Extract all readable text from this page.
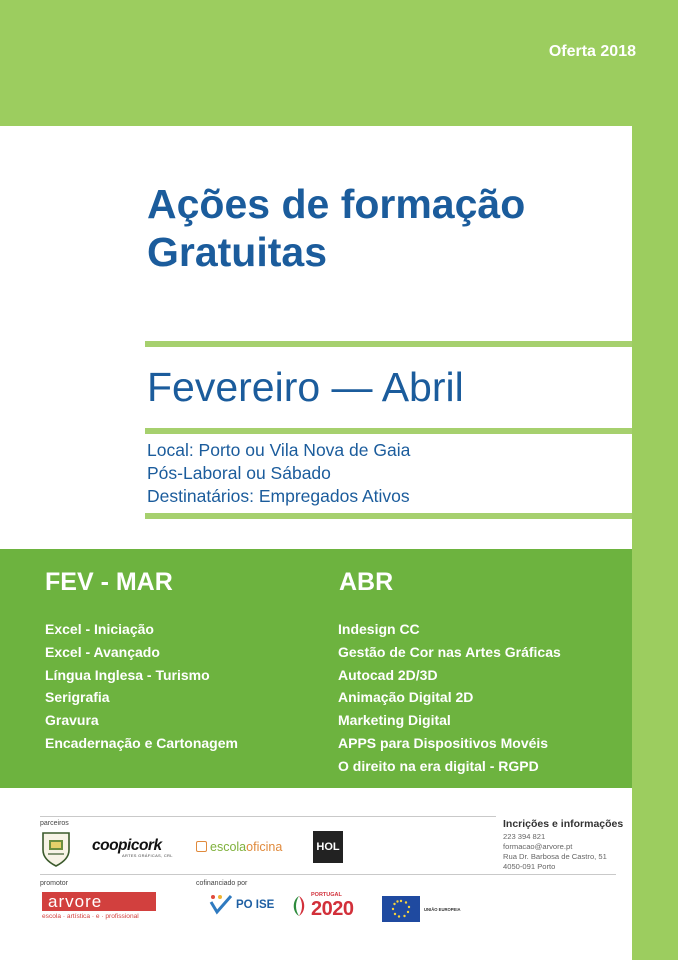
Oferta 2018
Ações de formação
Gratuitas
Fevereiro — Abril
Local: Porto ou Vila Nova de Gaia
Pós-Laboral ou Sábado
Destinatários: Empregados Ativos
FEV - MAR
Excel - Iniciação
Excel - Avançado
Língua Inglesa - Turismo
Serigrafia
Gravura
Encadernação e Cartonagem
ABR
Indesign CC
Gestão de Cor nas Artes Gráficas
Autocad 2D/3D
Animação Digital 2D
Marketing Digital
APPS para Dispositivos Movéis
O direito na era digital - RGPD
parceiros
coopicork
ARTES GRÁFICAS, CRL
escolaoficina	HOL
Incrições e informações
223 394 821
formacao@arvore.pt
Rua Dr. Barbosa de Castro, 51
4050-091 Porto
promotor	cofinanciado por
arvore
escola · artística · e · profissional
PO ISE
PORTUGAL
2020	UNIÃO EUROPEIA
